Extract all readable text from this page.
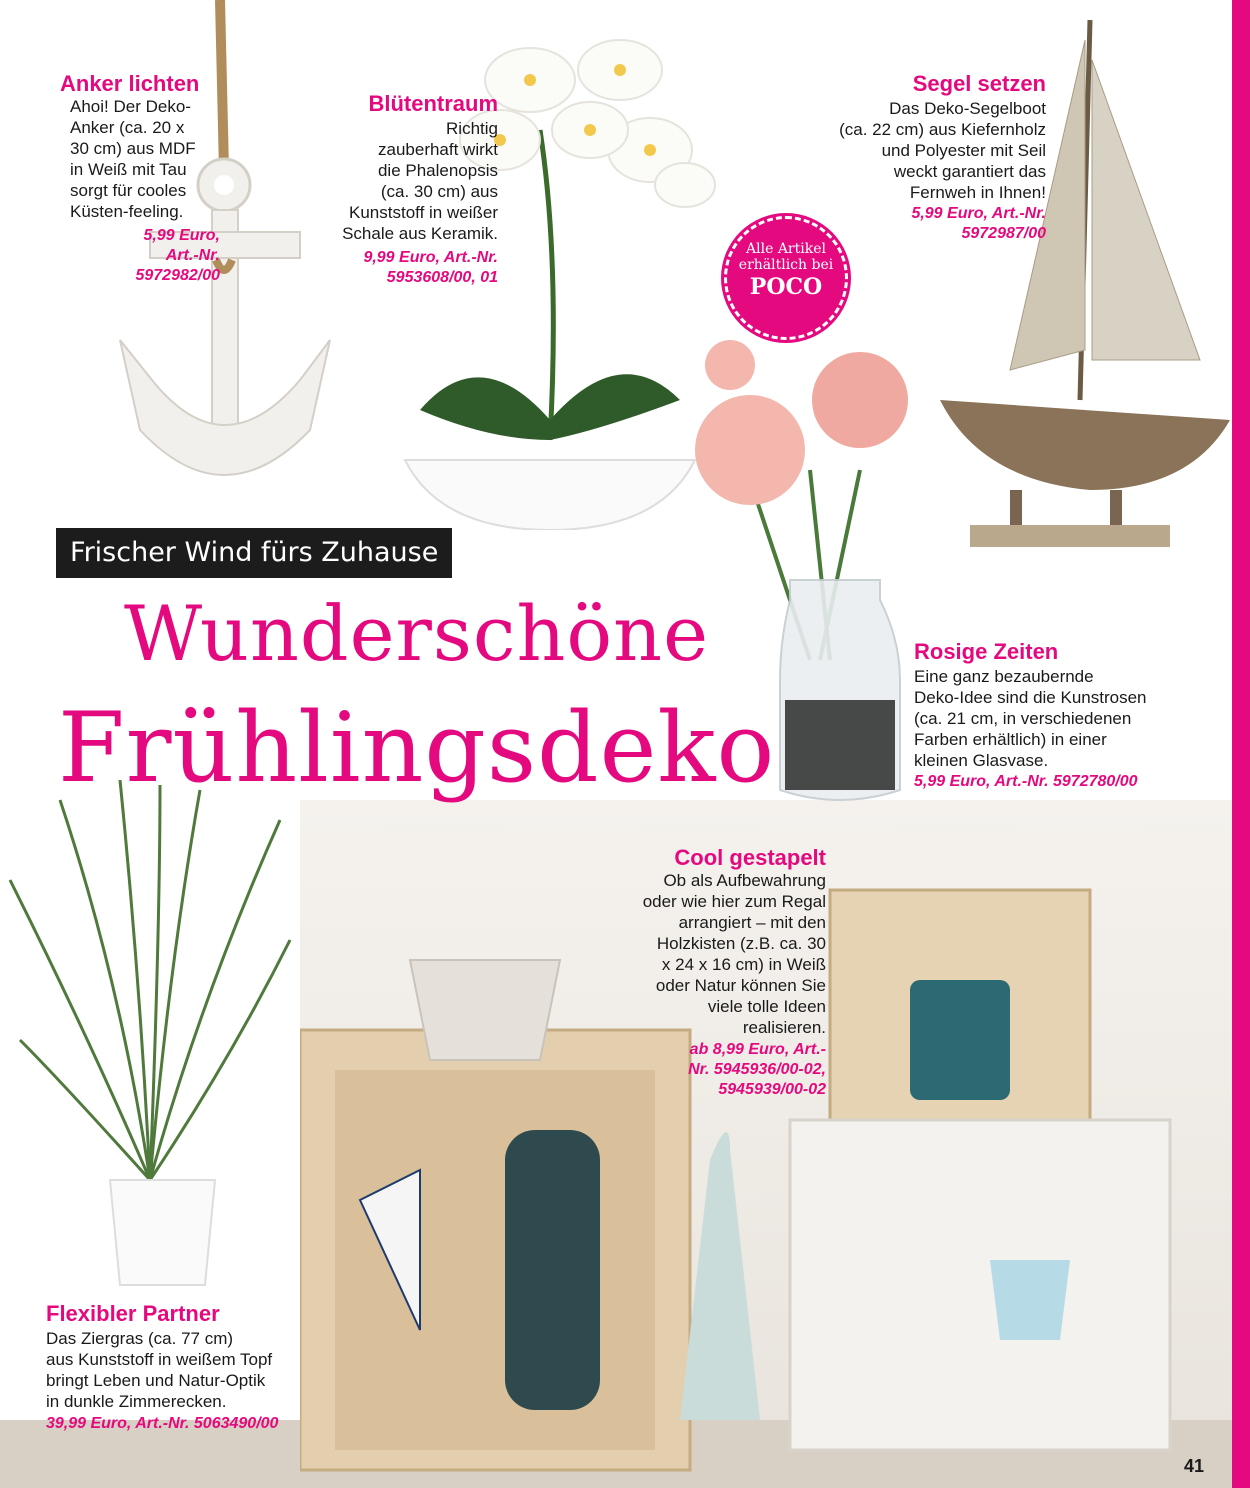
Anker lichten
Ahoi! Der Deko-
Anker (ca. 20 x
30 cm) aus MDF
in Weiß mit Tau
sorgt für cooles
Küsten-feeling.
5,99 Euro,
Art.-Nr.
5972982/00
Blütentraum
Richtig
zauberhaft wirkt
die Phalenopsis
(ca. 30 cm) aus
Kunststoff in weißer
Schale aus Keramik.
9,99 Euro, Art.-Nr.
5953608/00, 01
Segel setzen
Das Deko-Segelboot
(ca. 22 cm) aus Kiefernholz
und Polyester mit Seil
weckt garantiert das
Fernweh in Ihnen!
5,99 Euro, Art.-Nr.
5972987/00
Alle Artikel
erhältlich bei
POCO
Frischer Wind fürs Zuhause
Wunderschöne
Frühlingsdeko
Rosige Zeiten
Eine ganz bezaubernde
Deko-Idee sind die Kunstrosen
(ca. 21 cm, in verschiedenen
Farben erhältlich) in einer
kleinen Glasvase.
5,99 Euro, Art.-Nr. 5972780/00
Cool gestapelt
Ob als Aufbewahrung
oder wie hier zum Regal
arrangiert – mit den
Holzkisten (z.B. ca. 30
x 24 x 16 cm) in Weiß
oder Natur können Sie
viele tolle Ideen
realisieren.
ab 8,99 Euro, Art.-
Nr. 5945936/00-02,
5945939/00-02
Flexibler Partner
Das Ziergras (ca. 77 cm)
aus Kunststoff in weißem Topf
bringt Leben und Natur-Optik
in dunkle Zimmerecken.
39,99 Euro, Art.-Nr. 5063490/00
41
